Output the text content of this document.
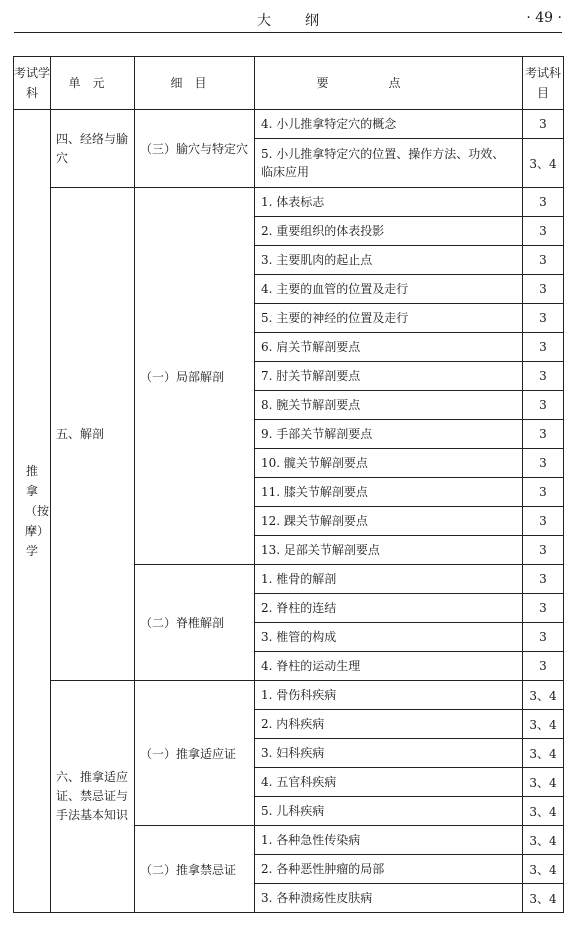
大纲	· 49 ·
考试学科	单元	细目	要点	考试科目
推拿（按摩）学	四、经络与腧穴	（三）腧穴与特定穴	4. 小儿推拿特定穴的概念	3
			5. 小儿推拿特定穴的位置、操作方法、功效、临床应用	3、4
	五、解剖	（一）局部解剖	1. 体表标志	3
			2. 重要组织的体表投影	3
			3. 主要肌肉的起止点	3
			4. 主要的血管的位置及走行	3
			5. 主要的神经的位置及走行	3
			6. 肩关节解剖要点	3
			7. 肘关节解剖要点	3
			8. 腕关节解剖要点	3
			9. 手部关节解剖要点	3
			10. 髋关节解剖要点	3
			11. 膝关节解剖要点	3
			12. 踝关节解剖要点	3
			13. 足部关节解剖要点	3
		（二）脊椎解剖	1. 椎骨的解剖	3
			2. 脊柱的连结	3
			3. 椎管的构成	3
			4. 脊柱的运动生理	3
	六、推拿适应证、禁忌证与手法基本知识	（一）推拿适应证	1. 骨伤科疾病	3、4
			2. 内科疾病	3、4
			3. 妇科疾病	3、4
			4. 五官科疾病	3、4
			5. 儿科疾病	3、4
		（二）推拿禁忌证	1. 各种急性传染病	3、4
			2. 各种恶性肿瘤的局部	3、4
			3. 各种溃疡性皮肤病	3、4
